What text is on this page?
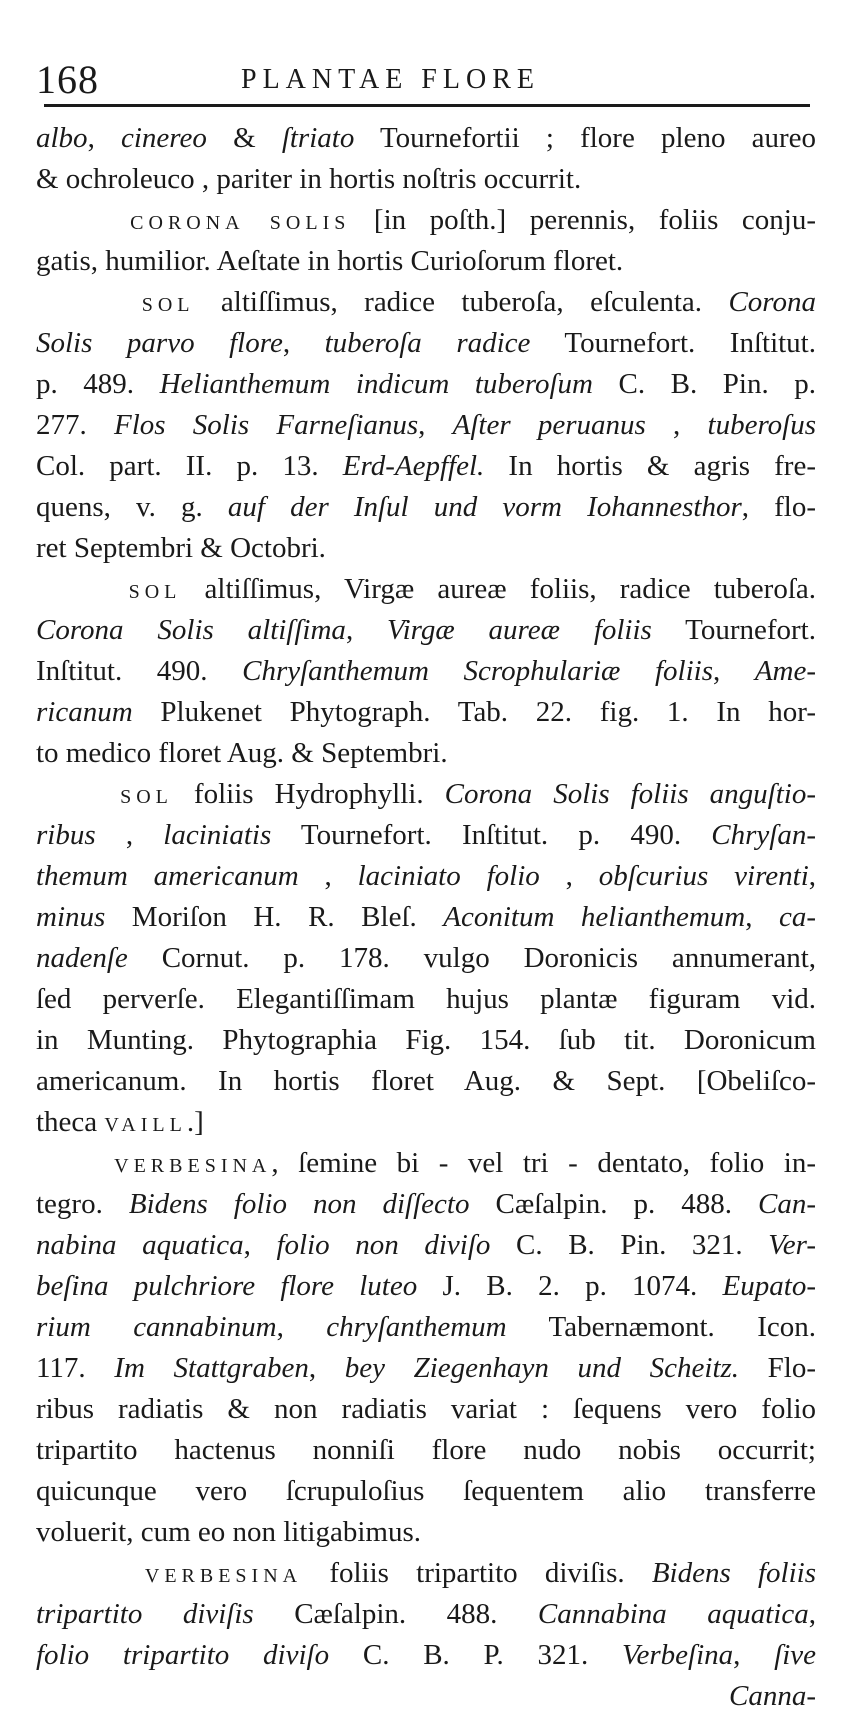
168	PLANTAE FLORE
albo, cinereo & ſtriato Tournefortii ; flore pleno aureo
& ochroleuco , pariter in hortis noſtris occurrit.
CORONA SOLIS [in poſth.] perennis, foliis conju-
gatis, humilior. Aeſtate in hortis Curioſorum floret.
SOL altiſſimus, radice tuberoſa, eſculenta. Corona
Solis parvo flore, tuberoſa radice Tournefort. Inſtitut.
p. 489. Helianthemum indicum tuberoſum C. B. Pin. p.
277. Flos Solis Farneſianus, Aſter peruanus , tuberoſus
Col. part. II. p. 13. Erd-Aepffel. In hortis & agris fre-
quens, v. g. auf der Inſul und vorm Iohannesthor, flo-
ret Septembri & Octobri.
SOL altiſſimus, Virgæ aureæ foliis, radice tuberoſa.
Corona Solis altiſſima, Virgæ aureæ foliis Tournefort.
Inſtitut. 490. Chryſanthemum Scrophulariæ foliis, Ame-
ricanum Plukenet Phytograph. Tab. 22. fig. 1. In hor-
to medico floret Aug. & Septembri.
SOL foliis Hydrophylli. Corona Solis foliis anguſtio-
ribus , laciniatis Tournefort. Inſtitut. p. 490. Chryſan-
themum americanum , laciniato folio , obſcurius virenti,
minus Moriſon H. R. Bleſ. Aconitum helianthemum, ca-
nadenſe Cornut. p. 178. vulgo Doronicis annumerant,
ſed perverſe. Elegantiſſimam hujus plantæ figuram vid.
in Munting. Phytographia Fig. 154. ſub tit. Doronicum
americanum. In hortis floret Aug. & Sept. [Obeliſco-
theca VAILL.]
VERBESINA, ſemine bi - vel tri - dentato, folio in-
tegro. Bidens folio non diſſecto Cæſalpin. p. 488. Can-
nabina aquatica, folio non diviſo C. B. Pin. 321. Ver-
beſina pulchriore flore luteo J. B. 2. p. 1074. Eupato-
rium cannabinum, chryſanthemum Tabernæmont. Icon.
117. Im Stattgraben, bey Ziegenhayn und Scheitz. Flo-
ribus radiatis & non radiatis variat : ſequens vero folio
tripartito hactenus nonniſi flore nudo nobis occurrit;
quicunque vero ſcrupuloſius ſequentem alio transferre
voluerit, cum eo non litigabimus.
VERBESINA foliis tripartito diviſis. Bidens foliis
tripartito diviſis Cæſalpin. 488. Cannabina aquatica,
folio tripartito diviſo C. B. P. 321. Verbeſina, ſive
Canna-
